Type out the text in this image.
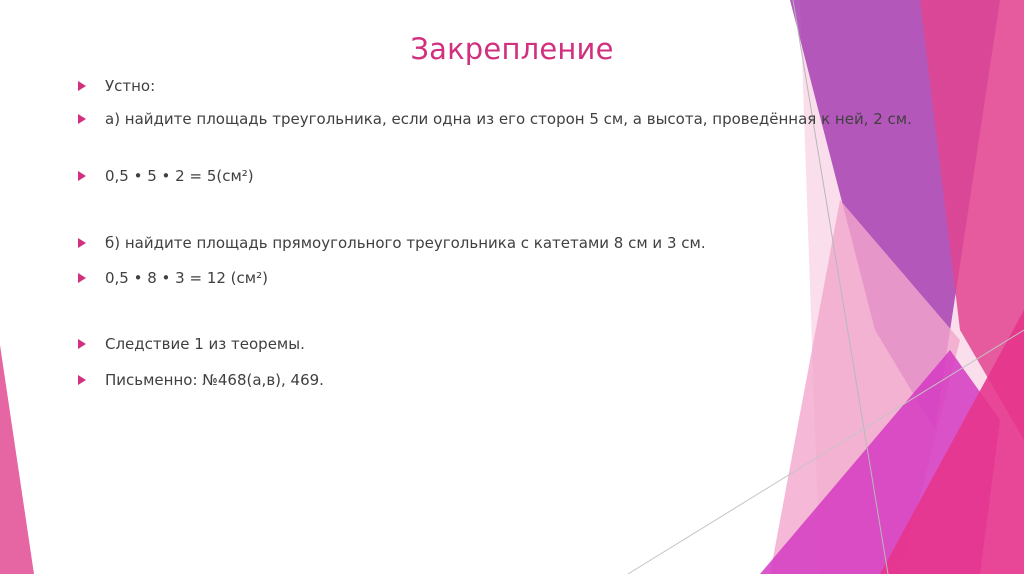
Закрепление
Устно:
а) найдите площадь треугольника, если одна из его сторон 5 см, а высота, проведённая к ней, 2 см.
0,5 • 5 • 2 = 5(см²)
б) найдите площадь прямоугольного треугольника с катетами 8 см и 3 см.
0,5 • 8 • 3 = 12 (см²)
Следствие 1 из теоремы.
Письменно: №468(а,в), 469.
